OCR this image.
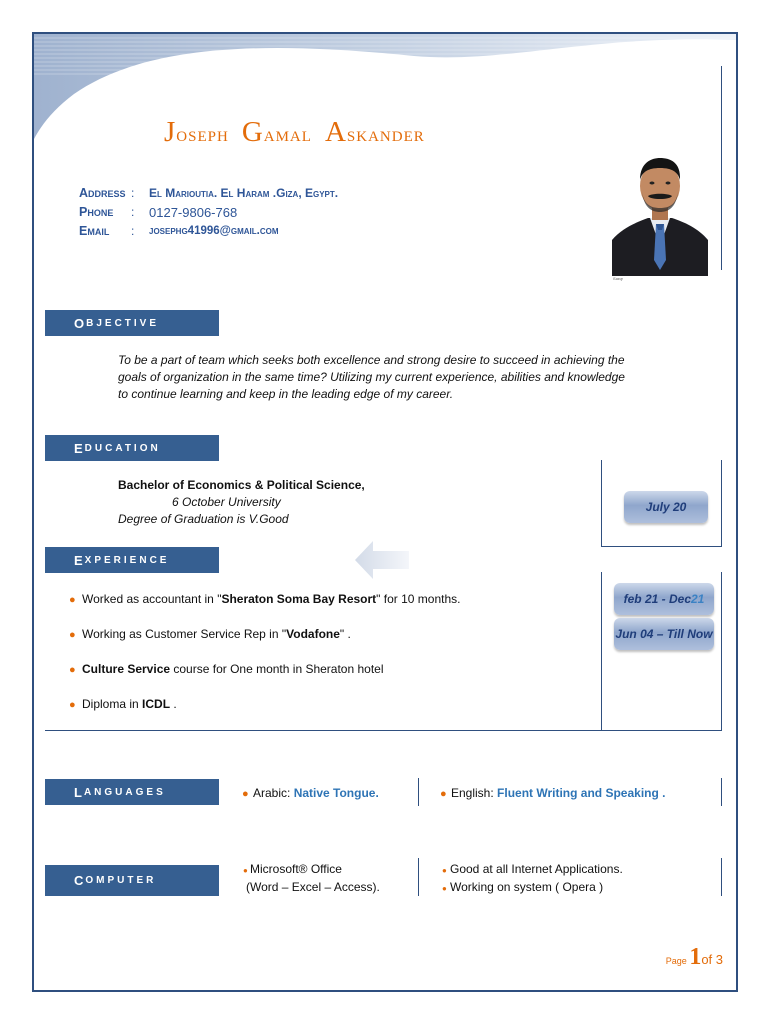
Joseph Gamal Askander
Address :	El Marioutia. El Haram .Giza, Egypt.
Phone	:	0127-9806-768
Email	:	josephg41996@gmail.com
Sony
O BJECTIVE
To be a part of team which seeks both excellence and strong desire to succeed in achieving the goals of organization in the same time? Utilizing my current experience, abilities and knowledge to continue learning and keep in the leading edge of my career.
E DUCATION
Bachelor of Economics & Political Science,
6 October University
Degree of Graduation is V.Good
July 20
E XPERIENCE
● Worked as accountant in "Sheraton Soma Bay Resort" for 10 months.
● Working as Customer Service Rep in "Vodafone" .
● Culture Service course for One month in Sheraton hotel
● Diploma in ICDL .
feb 21 - Dec 21
Jun 04 – Till Now
L ANGUAGES	● Arabic: Native Tongue.	● English: Fluent Writing and Speaking .
C OMPUTER
● Microsoft® Office
(Word – Excel – Access).
● Good at all Internet Applications.
● Working on system ( Opera )
Page 1of 3
